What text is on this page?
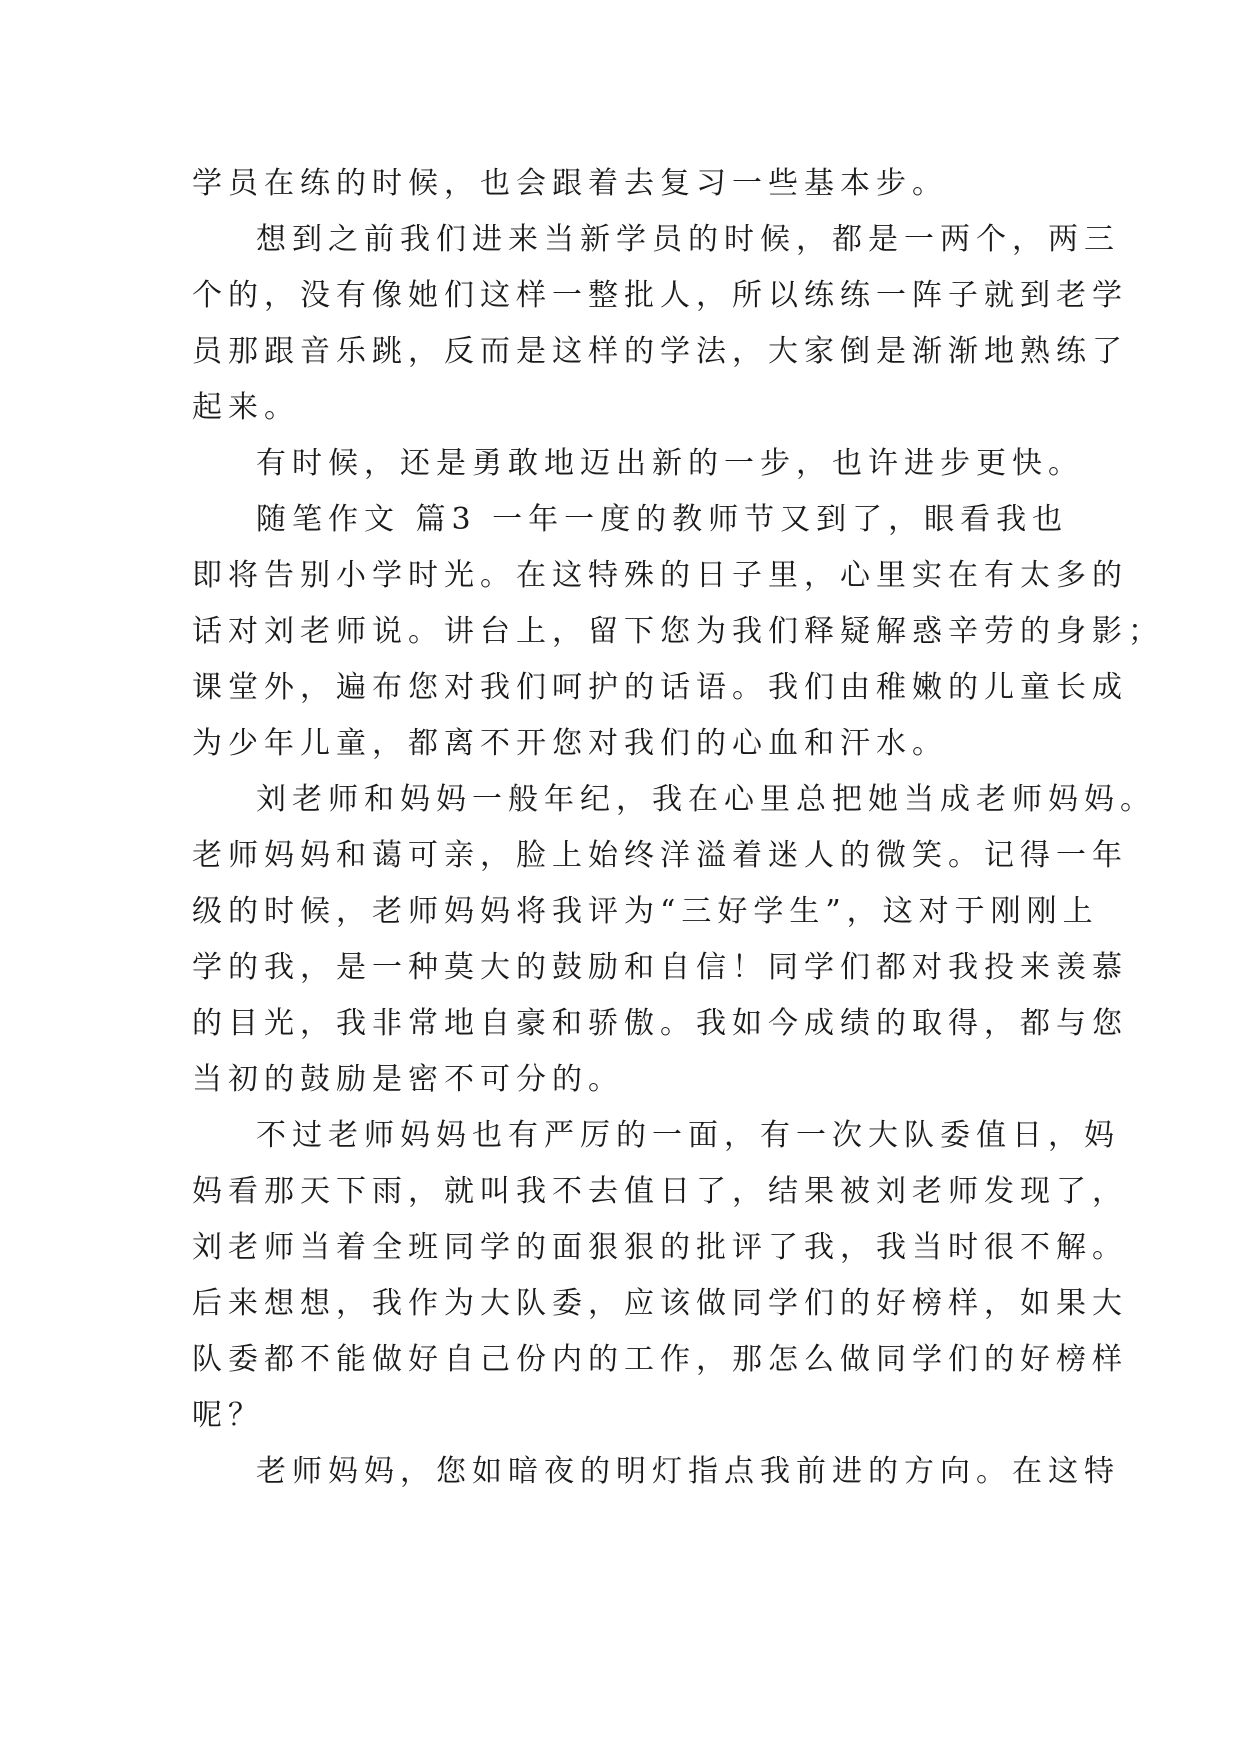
学员在练的时候，也会跟着去复习一些基本步。
想到之前我们进来当新学员的时候，都是一两个，两三
个的，没有像她们这样一整批人，所以练练一阵子就到老学
员那跟音乐跳，反而是这样的学法，大家倒是渐渐地熟练了
起来。
有时候，还是勇敢地迈出新的一步，也许进步更快。
随笔作文 篇3 一年一度的教师节又到了，眼看我也
即将告别小学时光。在这特殊的日子里，心里实在有太多的
话对刘老师说。讲台上，留下您为我们释疑解惑辛劳的身影；
课堂外，遍布您对我们呵护的话语。我们由稚嫩的儿童长成
为少年儿童，都离不开您对我们的心血和汗水。
刘老师和妈妈一般年纪，我在心里总把她当成老师妈妈。
老师妈妈和蔼可亲，脸上始终洋溢着迷人的微笑。记得一年
级的时候，老师妈妈将我评为“三好学生”，这对于刚刚上
学的我，是一种莫大的鼓励和自信！同学们都对我投来羡慕
的目光，我非常地自豪和骄傲。我如今成绩的取得，都与您
当初的鼓励是密不可分的。
不过老师妈妈也有严厉的一面，有一次大队委值日，妈
妈看那天下雨，就叫我不去值日了，结果被刘老师发现了，
刘老师当着全班同学的面狠狠的批评了我，我当时很不解。
后来想想，我作为大队委，应该做同学们的好榜样，如果大
队委都不能做好自己份内的工作，那怎么做同学们的好榜样
呢？
老师妈妈，您如暗夜的明灯指点我前进的方向。在这特
